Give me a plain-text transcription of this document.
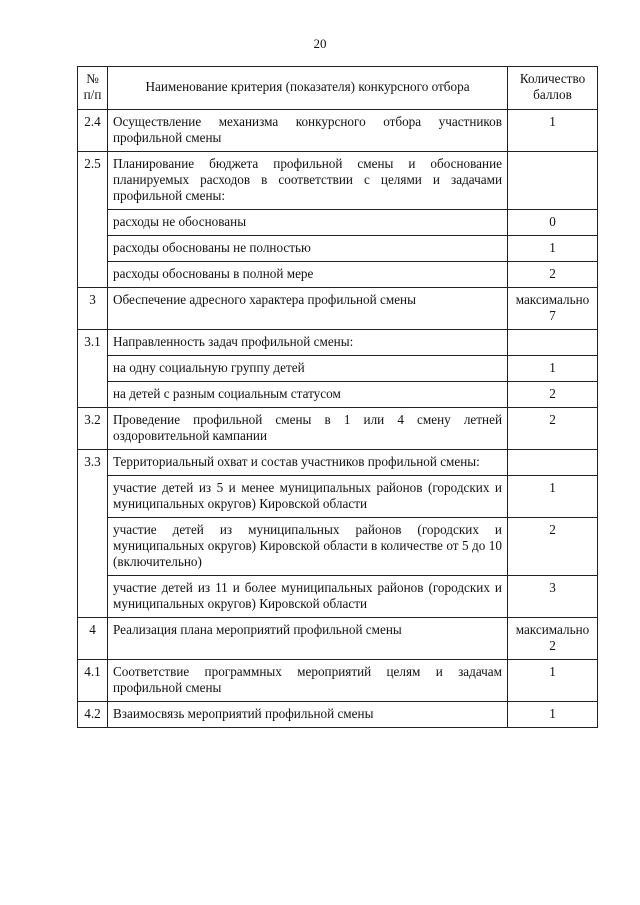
20
№ п/п	Наименование критерия (показателя) конкурсного отбора	Количество баллов
2.4	Осуществление механизма конкурсного отбора участников профильной смены	1
2.5	Планирование бюджета профильной смены и обоснование планируемых расходов в соответствии с целями и задачами профильной смены:	
	расходы не обоснованы	0
	расходы обоснованы не полностью	1
	расходы обоснованы в полной мере	2
3	Обеспечение адресного характера профильной смены	максимально 7
3.1	Направленность задач профильной смены:	
	на одну социальную группу детей	1
	на детей с разным социальным статусом	2
3.2	Проведение профильной смены в 1 или 4 смену летней оздоровительной кампании	2
3.3	Территориальный охват и состав участников профильной смены:	
	участие детей из 5 и менее муниципальных районов (городских и муниципальных округов) Кировской области	1
	участие детей из муниципальных районов (городских и муниципальных округов) Кировской области в количестве от 5 до 10 (включительно)	2
	участие детей из 11 и более муниципальных районов (городских и муниципальных округов) Кировской области	3
4	Реализация плана мероприятий профильной смены	максимально 2
4.1	Соответствие программных мероприятий целям и задачам профильной смены	1
4.2	Взаимосвязь мероприятий профильной смены	1
